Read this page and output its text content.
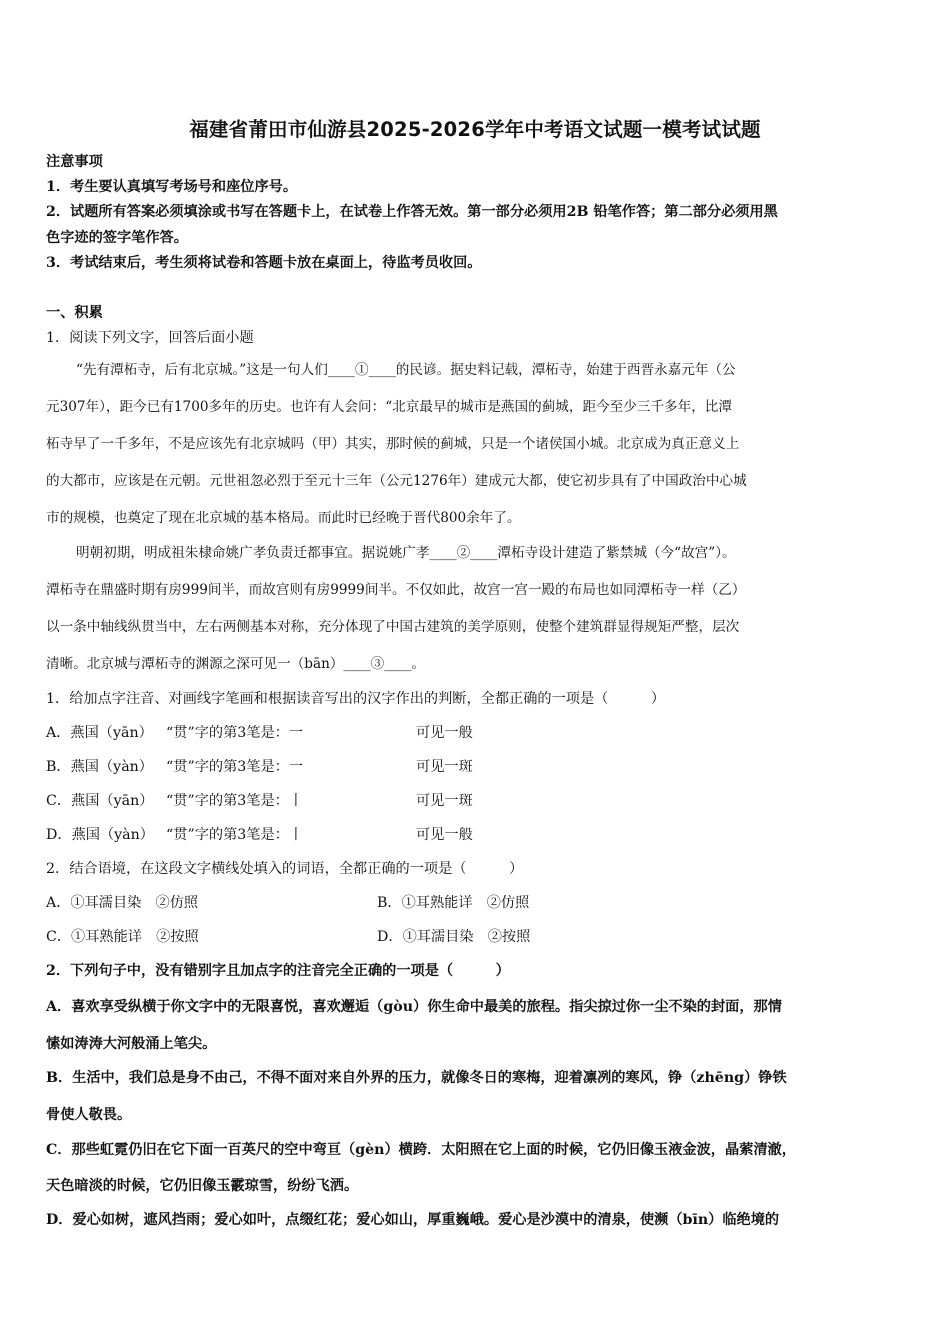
福建省莆田市仙游县2025-2026学年中考语文试题一模考试试题
注意事项
1．考生要认真填写考场号和座位序号。
2．试题所有答案必须填涂或书写在答题卡上，在试卷上作答无效。第一部分必须用2B 铅笔作答；第二部分必须用黑
色字迹的签字笔作答。
3．考试结束后，考生须将试卷和答题卡放在桌面上，待监考员收回。
一、积累
1．阅读下列文字，回答后面小题
“先有潭柘寺，后有北京城。”这是一句人们____①____的民谚。据史料记载，潭柘寺，始建于西晋永嘉元年（公
元307年），距今已有1700多年的历史。也许有人会问：“北京最早的城市是燕国的蓟城，距今至少三千多年，比潭
柘寺早了一千多年，不是应该先有北京城吗（甲）其实，那时候的蓟城，只是一个诸侯国小城。北京成为真正意义上
的大都市，应该是在元朝。元世祖忽必烈于至元十三年（公元1276年）建成元大都，使它初步具有了中国政治中心城
市的规模，也奠定了现在北京城的基本格局。而此时已经晚于晋代800余年了。
明朝初期，明成祖朱棣命姚广孝负责迁都事宜。据说姚广孝____②____潭柘寺设计建造了紫禁城（今“故宫”）。
潭柘寺在鼎盛时期有房999间半，而故宫则有房9999间半。不仅如此，故宫一宫一殿的布局也如同潭柘寺一样（乙）
以一条中轴线纵贯当中，左右两侧基本对称，充分体现了中国古建筑的美学原则，使整个建筑群显得规矩严整，层次
清晰。北京城与潭柘寺的渊源之深可见一（bān）____③____。
1．给加点字注音、对画线字笔画和根据读音写出的汉字作出的判断，全都正确的一项是（　　　）
A．燕国（yān） “贯”字的第3笔是：一	可见一般
B．燕国（yàn） “贯”字的第3笔是：一	可见一斑
C．燕国（yān） “贯”字的第3笔是：丨	可见一斑
D．燕国（yàn） “贯”字的第3笔是：丨	可见一般
2．结合语境，在这段文字横线处填入的词语，全都正确的一项是（　　　）
A．①耳濡目染　②仿照	B．①耳熟能详　②仿照
C．①耳熟能详　②按照	D．①耳濡目染　②按照
2．下列句子中，没有错别字且加点字的注音完全正确的一项是（　　　）
A．喜欢享受纵横于你文字中的无限喜悦，喜欢邂逅（gòu）你生命中最美的旅程。指尖掠过你一尘不染的封面，那情
愫如涛涛大河般涌上笔尖。
B．生活中，我们总是身不由己，不得不面对来自外界的压力，就像冬日的寒梅，迎着凛冽的寒风，铮（zhēng）铮铁
骨使人敬畏。
C．那些虹霓仍旧在它下面一百英尺的空中弯亘（gèn）横跨．太阳照在它上面的时候，它仍旧像玉液金波，晶萦清澈，
天色暗淡的时候，它仍旧像玉霰琼雪，纷纷飞洒。
D．爱心如树，遮风挡雨；爱心如叶，点缀红花；爱心如山，厚重巍峨。爱心是沙漠中的清泉，使濒（bīn）临绝境的
